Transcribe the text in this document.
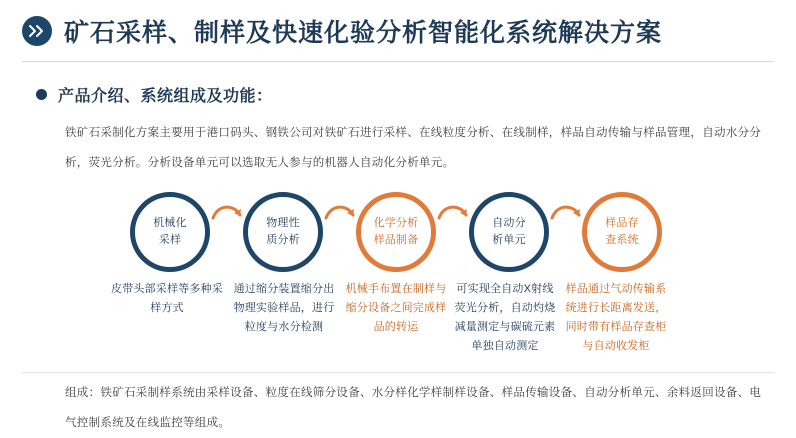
矿石采样、制样及快速化验分析智能化系统解决方案
产品介绍、系统组成及功能：
铁矿石采制化方案主要用于港口码头、钢铁公司对铁矿石进行采样、在线粒度分析、在线制样，样品自动传输与样品管理，自动水分分析，荧光分析。分析设备单元可以选取无人参与的机器人自动化分析单元。
机械化
采样
物理性
质分析
化学分析
样品制备
自动分
析单元
样品存
查系统
皮带头部采样等多种采样方式
通过缩分装置缩分出物理实验样品，进行粒度与水分检测
机械手布置在制样与缩分设备之间完成样品的转运
可实现全自动X射线荧光分析，自动灼烧减量测定与碳硫元素单独自动测定
样品通过气动传输系统进行长距离发送，同时带有样品存查柜与自动收发柜
组成：铁矿石采制样系统由采样设备、粒度在线筛分设备、水分样化学样制样设备、样品传输设备、自动分析单元、余料返回设备、电气控制系统及在线监控等组成。
